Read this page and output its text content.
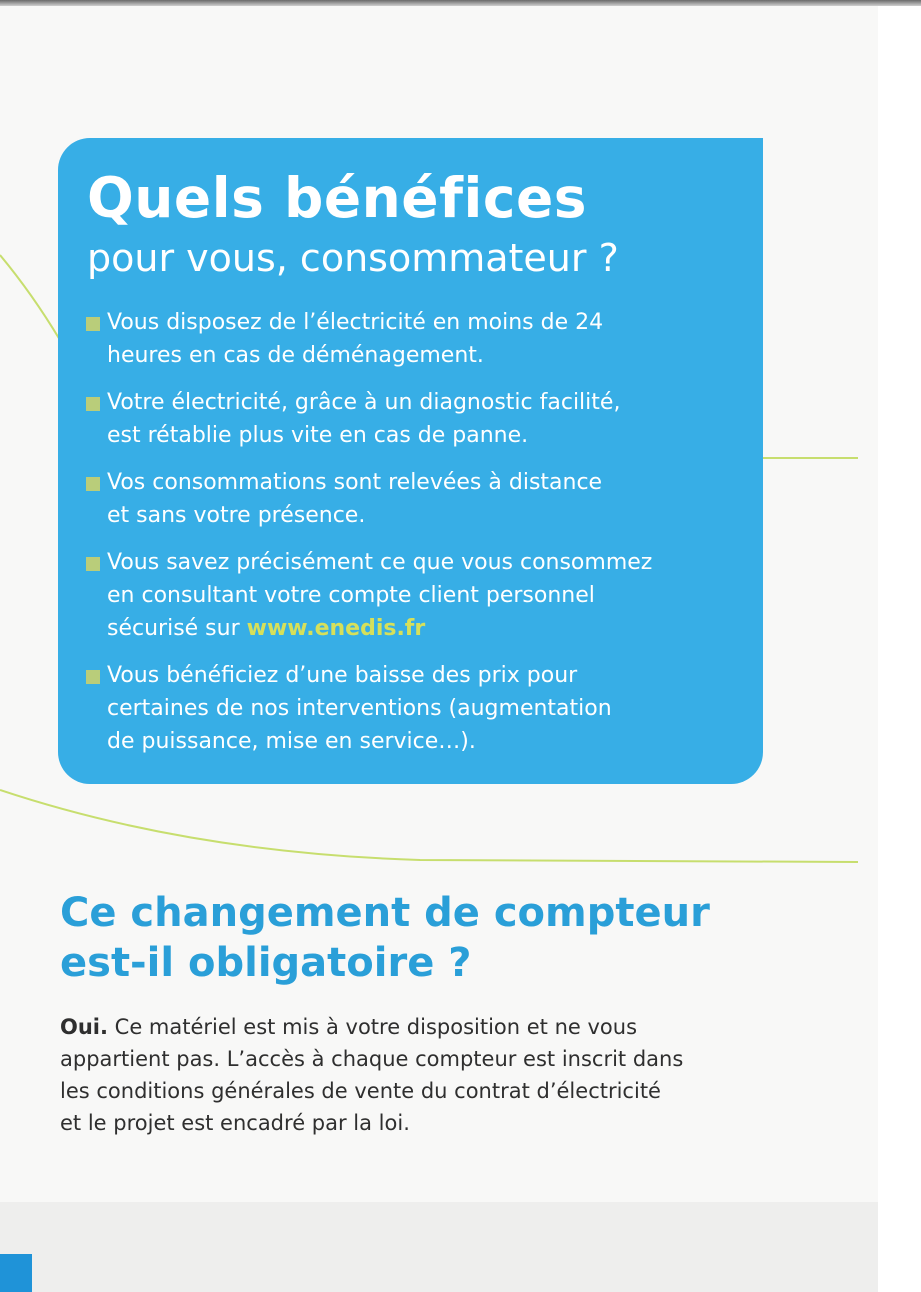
Quels bénéfices
pour vous, consommateur ?
Vous disposez de l’électricité en moins de 24
heures en cas de déménagement.
Votre électricité, grâce à un diagnostic facilité,
est rétablie plus vite en cas de panne.
Vos consommations sont relevées à distance
et sans votre présence.
Vous savez précisément ce que vous consommez
en consultant votre compte client personnel
sécurisé sur www.enedis.fr
Vous bénéficiez d’une baisse des prix pour
certaines de nos interventions (augmentation
de puissance, mise en service…).
Ce changement de compteur
est-il obligatoire ?

Oui. Ce matériel est mis à votre disposition et ne vous
appartient pas. L’accès à chaque compteur est inscrit dans
les conditions générales de vente du contrat d’électricité
et le projet est encadré par la loi.
